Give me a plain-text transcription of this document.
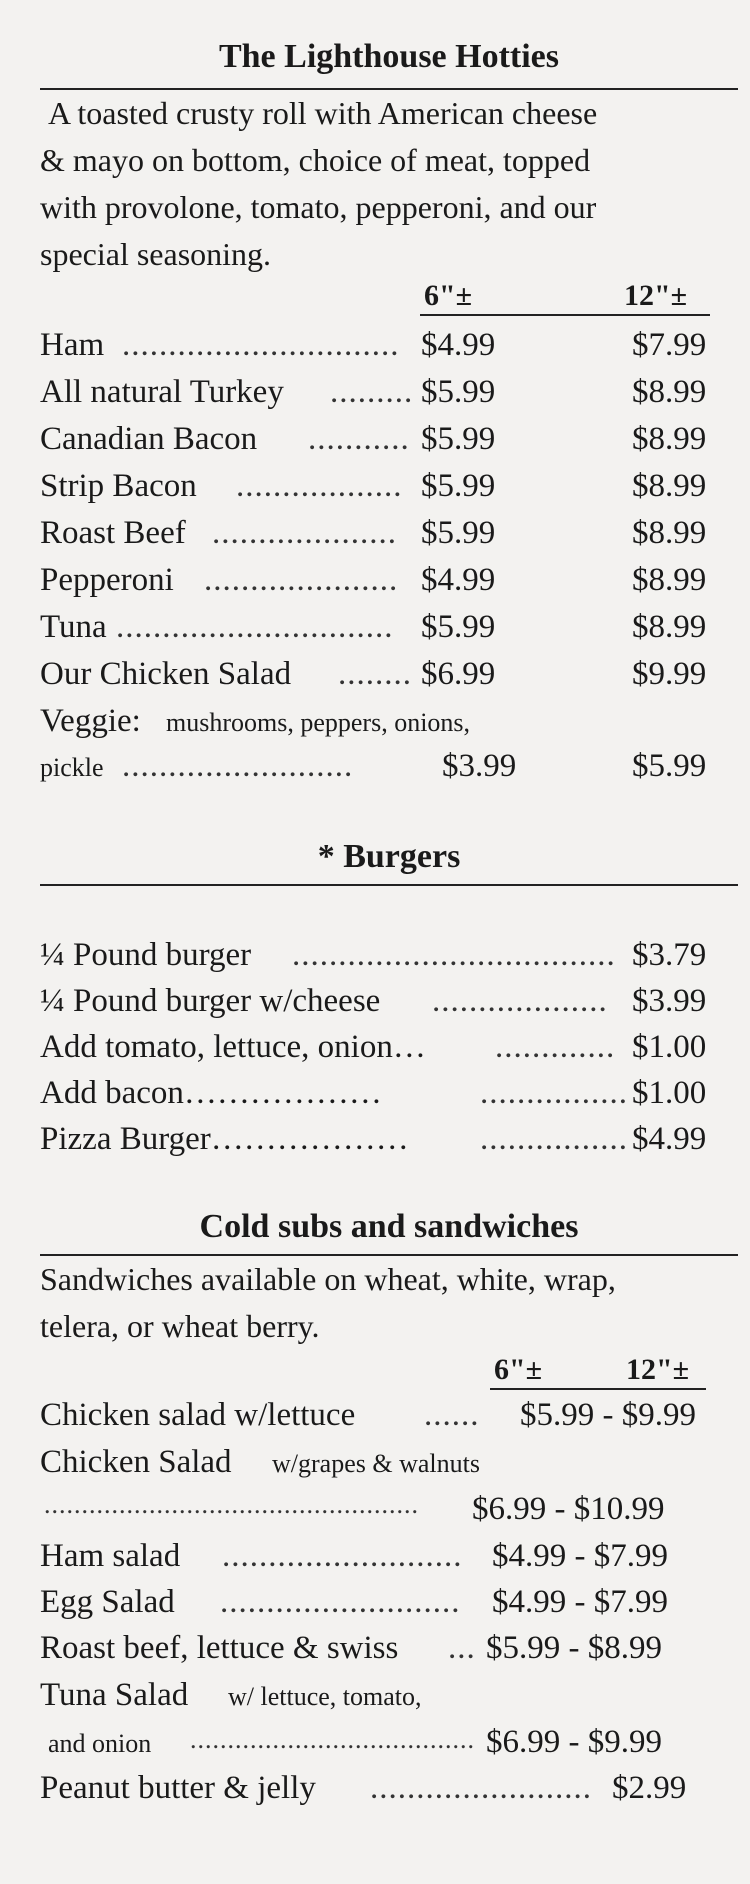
The Lighthouse Hotties
A toasted crusty roll with American cheese
& mayo on bottom, choice of meat, topped
with provolone, tomato, pepperoni, and our
special seasoning.
6"±	12"±
Ham .............................. $4.99	$7.99
All natural Turkey ......... $5.99	$8.99
Canadian Bacon ........... $5.99	$8.99
Strip Bacon .................. $5.99	$8.99
Roast Beef .................... $5.99	$8.99
Pepperoni ..................... $4.99	$8.99
Tuna .............................. $5.99	$8.99
Our Chicken Salad ........ $6.99	$9.99
Veggie: mushrooms, peppers, onions,
pickle .........................	$3.99	$5.99
* Burgers
¼ Pound burger ................................... $3.79
¼ Pound burger w/cheese ................... $3.99
Add tomato, lettuce, onion… ............. $1.00
Add bacon………………	................ $1.00
Pizza Burger……………… ................ $4.99
Cold subs and sandwiches
Sandwiches available on wheat, white, wrap,
telera, or wheat berry.
6"±	12"±
Chicken salad w/lettuce ...... $5.99 - $9.99
Chicken Salad w/grapes & walnuts
.................................................. $6.99 - $10.99
Ham salad .......................... $4.99 - $7.99
Egg Salad .......................... $4.99 - $7.99
Roast beef, lettuce & swiss ... $5.99 - $8.99
Tuna Salad w/ lettuce, tomato,
and onion ...................................... $6.99 - $9.99
Peanut butter & jelly ........................ $2.99
